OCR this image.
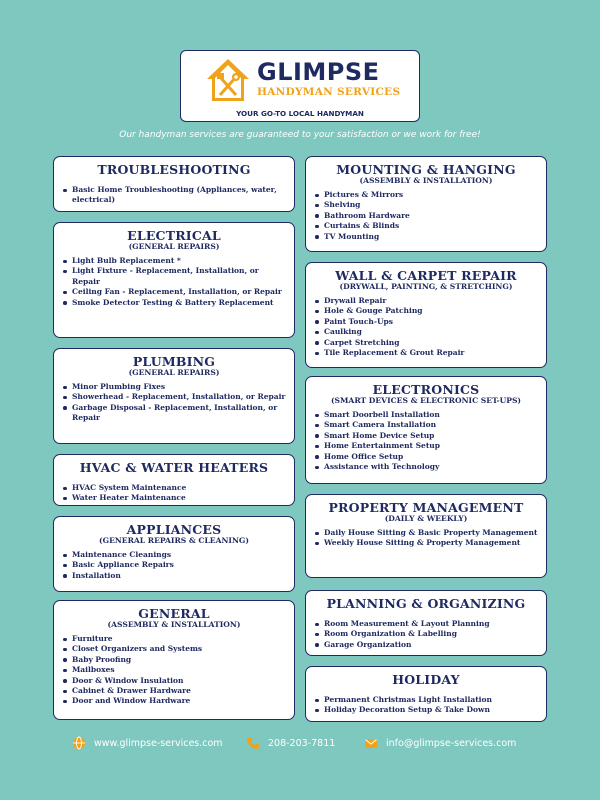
GLIMPSE
HANDYMAN SERVICES
YOUR GO-TO LOCAL HANDYMAN
Our handyman services are guaranteed to your satisfaction or we work for free!
TROUBLESHOOTING
Basic Home Troubleshooting (Appliances, water, electrical)
ELECTRICAL
(GENERAL REPAIRS)
Light Bulb Replacement *
Light Fixture - Replacement, Installation, or Repair
Ceiling Fan - Replacement, Installation, or Repair
Smoke Detector Testing & Battery Replacement
PLUMBING
(GENERAL REPAIRS)
Minor Plumbing Fixes
Showerhead - Replacement, Installation, or Repair
Garbage Disposal - Replacement, Installation, or Repair
HVAC & WATER HEATERS
HVAC System Maintenance
Water Heater Maintenance
APPLIANCES
(GENERAL REPAIRS & CLEANING)
Maintenance Cleanings
Basic Appliance Repairs
Installation
GENERAL
(ASSEMBLY & INSTALLATION)
Furniture
Closet Organizers and Systems
Baby Proofing
Mailboxes
Door & Window Insulation
Cabinet & Drawer Hardware
Door and Window Hardware
MOUNTING & HANGING
(ASSEMBLY & INSTALLATION)
Pictures & Mirrors
Shelving
Bathroom Hardware
Curtains & Blinds
TV Mounting
WALL & CARPET REPAIR
(DRYWALL, PAINTING, & STRETCHING)
Drywall Repair
Hole & Gouge Patching
Paint Touch-Ups
Caulking
Carpet Stretching
Tile Replacement & Grout Repair
ELECTRONICS
(SMART DEVICES & ELECTRONIC SET-UPS)
Smart Doorbell Installation
Smart Camera Installation
Smart Home Device Setup
Home Entertainment Setup
Home Office Setup
Assistance with Technology
PROPERTY MANAGEMENT
(DAILY & WEEKLY)
Daily House Sitting & Basic Property Management
Weekly House Sitting & Property Management
PLANNING & ORGANIZING
Room Measurement & Layout Planning
Room Organization & Labelling
Garage Organization
HOLIDAY
Permanent Christmas Light Installation
Holiday Decoration Setup & Take Down
www.glimpse-services.com	208-203-7811	info@glimpse-services.com
